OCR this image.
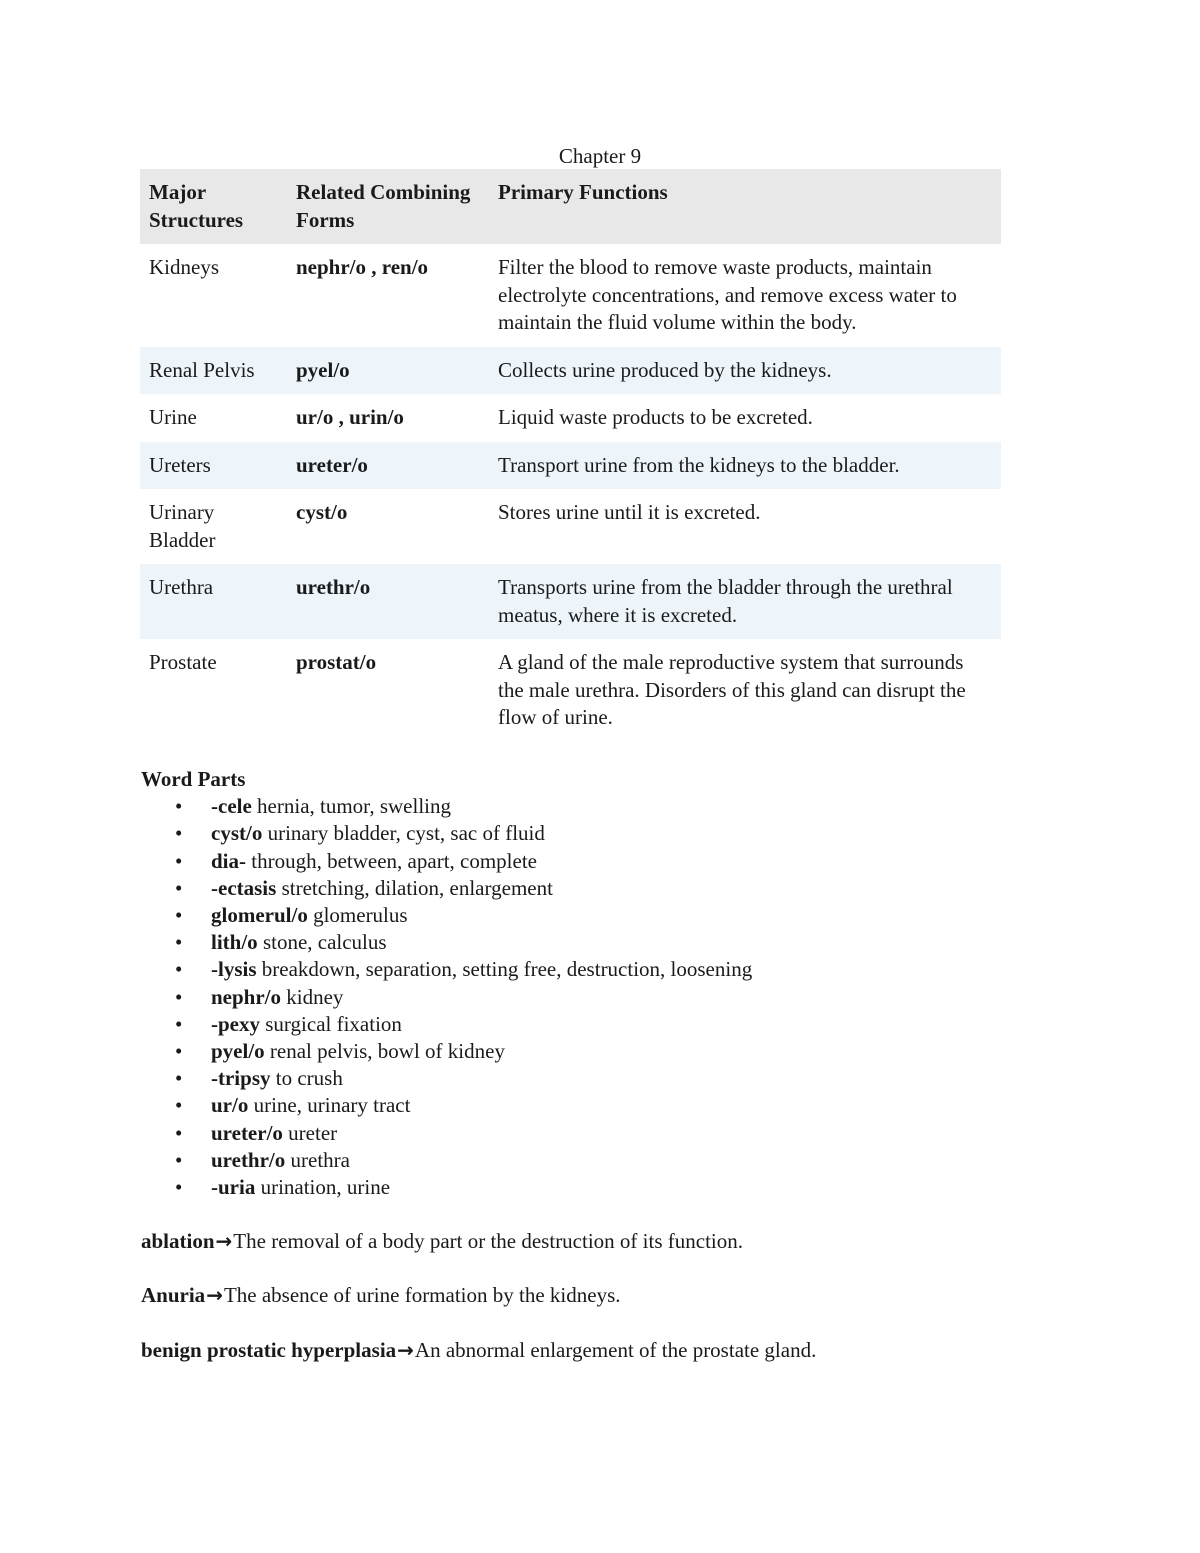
Chapter 9
Major Structures	Related Combining Forms	Primary Functions
Kidneys	nephr/o , ren/o	Filter the blood to remove waste products, maintain electrolyte concentrations, and remove excess water to maintain the fluid volume within the body.
Renal Pelvis	pyel/o	Collects urine produced by the kidneys.
Urine	ur/o , urin/o	Liquid waste products to be excreted.
Ureters	ureter/o	Transport urine from the kidneys to the bladder.
Urinary Bladder	cyst/o	Stores urine until it is excreted.
Urethra	urethr/o	Transports urine from the bladder through the urethral meatus, where it is excreted.
Prostate	prostat/o	A gland of the male reproductive system that surrounds the male urethra. Disorders of this gland can disrupt the flow of urine.

Word Parts

• -cele hernia, tumor, swelling
• cyst/o urinary bladder, cyst, sac of fluid
• dia- through, between, apart, complete
• -ectasis stretching, dilation, enlargement
• glomerul/o glomerulus
• lith/o stone, calculus
• -lysis breakdown, separation, setting free, destruction, loosening
• nephr/o kidney
• -pexy surgical fixation
• pyel/o renal pelvis, bowl of kidney
• -tripsy to crush
• ur/o urine, urinary tract
• ureter/o ureter
• urethr/o urethra
• -uria urination, urine

ablation→The removal of a body part or the destruction of its function.

Anuria→The absence of urine formation by the kidneys.

benign prostatic hyperplasia→An abnormal enlargement of the prostate gland.
